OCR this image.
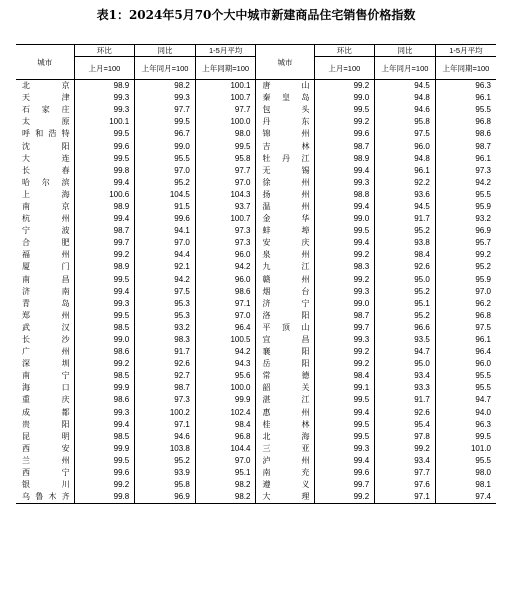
表1：2024年5月70个大中城市新建商品住宅销售价格指数
城市	环比	同比	1-5月平均	城市	环比	同比	1-5月平均
	上月=100	上年同月=100	上年同期=100		上月=100	上年同月=100	上年同期=100
北京	98.9	98.2	100.1	唐山	99.2	94.5	96.3
天津	99.3	99.3	100.7	秦皇岛	99.0	94.8	96.1
石家庄	99.3	97.7	97.7	包头	99.5	94.6	95.5
太原	100.1	99.5	100.0	丹东	99.2	95.8	96.8
呼和浩特	99.5	96.7	98.0	锦州	99.6	97.5	98.6
沈阳	99.6	99.0	99.5	吉林	98.7	96.0	98.7
大连	99.5	95.5	95.8	牡丹江	98.9	94.8	96.1
长春	99.8	97.0	97.7	无锡	99.4	96.1	97.3
哈尔滨	99.4	95.2	97.0	徐州	99.3	92.2	94.2
上海	100.6	104.5	104.3	扬州	98.8	93.6	95.5
南京	98.9	91.5	93.7	温州	99.4	94.5	95.9
杭州	99.4	99.6	100.7	金华	99.0	91.7	93.2
宁波	98.7	94.1	97.3	蚌埠	99.5	95.2	96.9
合肥	99.7	97.0	97.3	安庆	99.4	93.8	95.7
福州	99.2	94.4	96.0	泉州	99.2	98.4	99.2
厦门	98.9	92.1	94.2	九江	98.3	92.6	95.2
南昌	99.5	94.2	96.0	赣州	99.2	95.0	95.9
济南	99.4	97.5	98.6	烟台	99.3	95.2	97.0
青岛	99.3	95.3	97.1	济宁	99.0	95.1	96.2
郑州	99.5	95.3	97.0	洛阳	98.7	95.2	96.8
武汉	98.5	93.2	96.4	平顶山	99.7	96.6	97.5
长沙	99.0	98.3	100.5	宜昌	99.3	93.5	96.1
广州	98.6	91.7	94.2	襄阳	99.2	94.7	96.4
深圳	99.2	92.6	94.3	岳阳	99.2	95.0	96.0
南宁	98.5	92.7	95.6	常德	98.4	93.4	95.5
海口	99.9	98.7	100.0	韶关	99.1	93.3	95.5
重庆	98.6	97.3	99.9	湛江	99.5	91.7	94.7
成都	99.3	100.2	102.4	惠州	99.4	92.6	94.0
贵阳	99.4	97.1	98.4	桂林	99.5	95.4	96.3
昆明	98.5	94.6	96.8	北海	99.5	97.8	99.5
西安	99.9	103.8	104.4	三亚	99.3	99.2	101.0
兰州	99.5	95.2	97.0	泸州	99.4	93.4	95.5
西宁	99.6	93.9	95.1	南充	99.6	97.7	98.0
银川	99.2	95.8	98.2	遵义	99.7	97.6	98.1
乌鲁木齐	99.8	96.9	98.2	大理	99.2	97.1	97.4
